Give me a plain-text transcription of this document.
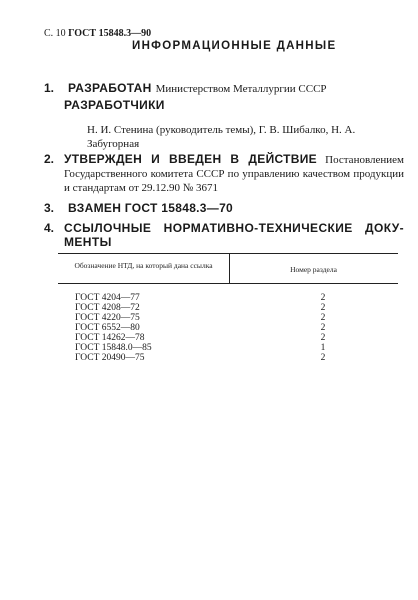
С. 10 ГОСТ 15848.3—90
ИНФОРМАЦИОННЫЕ ДАННЫЕ
1. РАЗРАБОТАН Министерством Металлургии СССР
РАЗРАБОТЧИКИ
Н. И. Стенина (руководитель темы), Г. В. Шибалко, Н. А. Забугорная
2. УТВЕРЖДЕН И ВВЕДЕН В ДЕЙСТВИЕ Постановлением Государственного комитета СССР по управлению качеством продукции и стандартам от 29.12.90 № 3671
3. ВЗАМЕН ГОСТ 15848.3—70
4. ССЫЛОЧНЫЕ НОРМАТИВНО-ТЕХНИЧЕСКИЕ ДОКУ-
МЕНТЫ
Обозначение НТД, на который дана ссылка	Номер раздела
ГОСТ 4204—77	2
ГОСТ 4208—72	2
ГОСТ 4220—75	2
ГОСТ 6552—80	2
ГОСТ 14262—78	2
ГОСТ 15848.0—85	1
ГОСТ 20490—75	2
